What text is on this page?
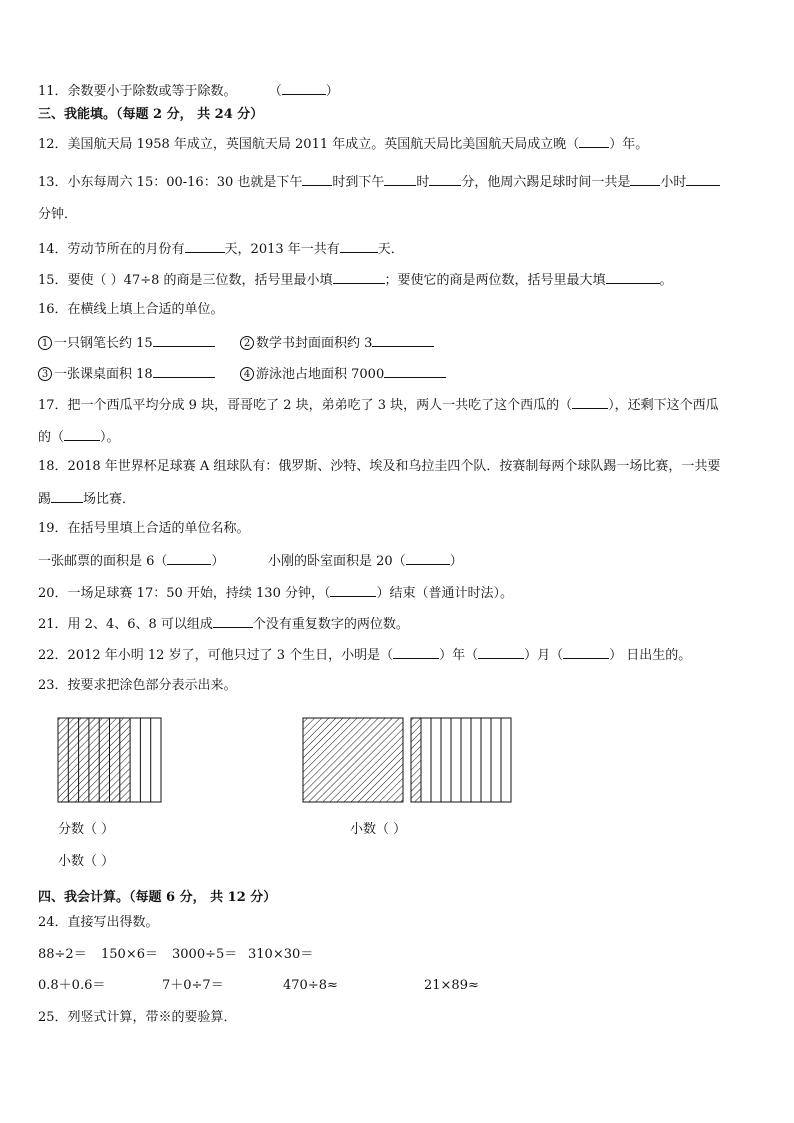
11．余数要小于除数或等于除数。 （	）
三、我能填。（每题 2 分， 共 24 分）
12．美国航天局 1958 年成立，英国航天局 2011 年成立。英国航天局比美国航天局成立晚（ ）年。
13．小东每周六 15：00-16：30 也就是下午 时到下午 时 分，他周六踢足球时间一共是 小时
分钟．
14．劳动节所在的月份有	天，2013 年一共有	天．
15．要使（ ）47÷8 的商是三位数，括号里最小填	；要使它的商是两位数，括号里最大填	。
16．在横线上填上合适的单位。
1 一只钢笔长约 15	2 数学书封面面积约 3
3 一张课桌面积 18	4 游泳池占地面积 7000
17．把一个西瓜平均分成 9 块，哥哥吃了 2 块，弟弟吃了 3 块，两人一共吃了这个西瓜的（	），还剩下这个西瓜
的（	）。
18．2018 年世界杯足球赛 A 组球队有：俄罗斯、沙特、埃及和乌拉圭四个队．按赛制每两个球队踢一场比赛，一共要
踢 场比赛．
19．在括号里填上合适的单位名称。
一张邮票的面积是 6（	）	小刚的卧室面积是 20（	）
20．一场足球赛 17：50 开始，持续 130 分钟，（	）结束（普通计时法）。
21．用 2、4、6、8 可以组成	个没有重复数字的两位数。
22．2012 年小明 12 岁了，可他只过了 3 个生日，小明是（	）年（	）月（	） 日出生的。
23．按要求把涂色部分表示出来。
分数（ ）	小数（ ）
小数（ ）
四、我会计算。（每题 6 分， 共 12 分）
24．直接写出得数。
88÷2＝ 150×6＝ 3000÷5＝ 310×30＝
0.8＋0.6＝	7＋0÷7＝	470÷8≈	21×89≈
25．列竖式计算，带※的要验算．
